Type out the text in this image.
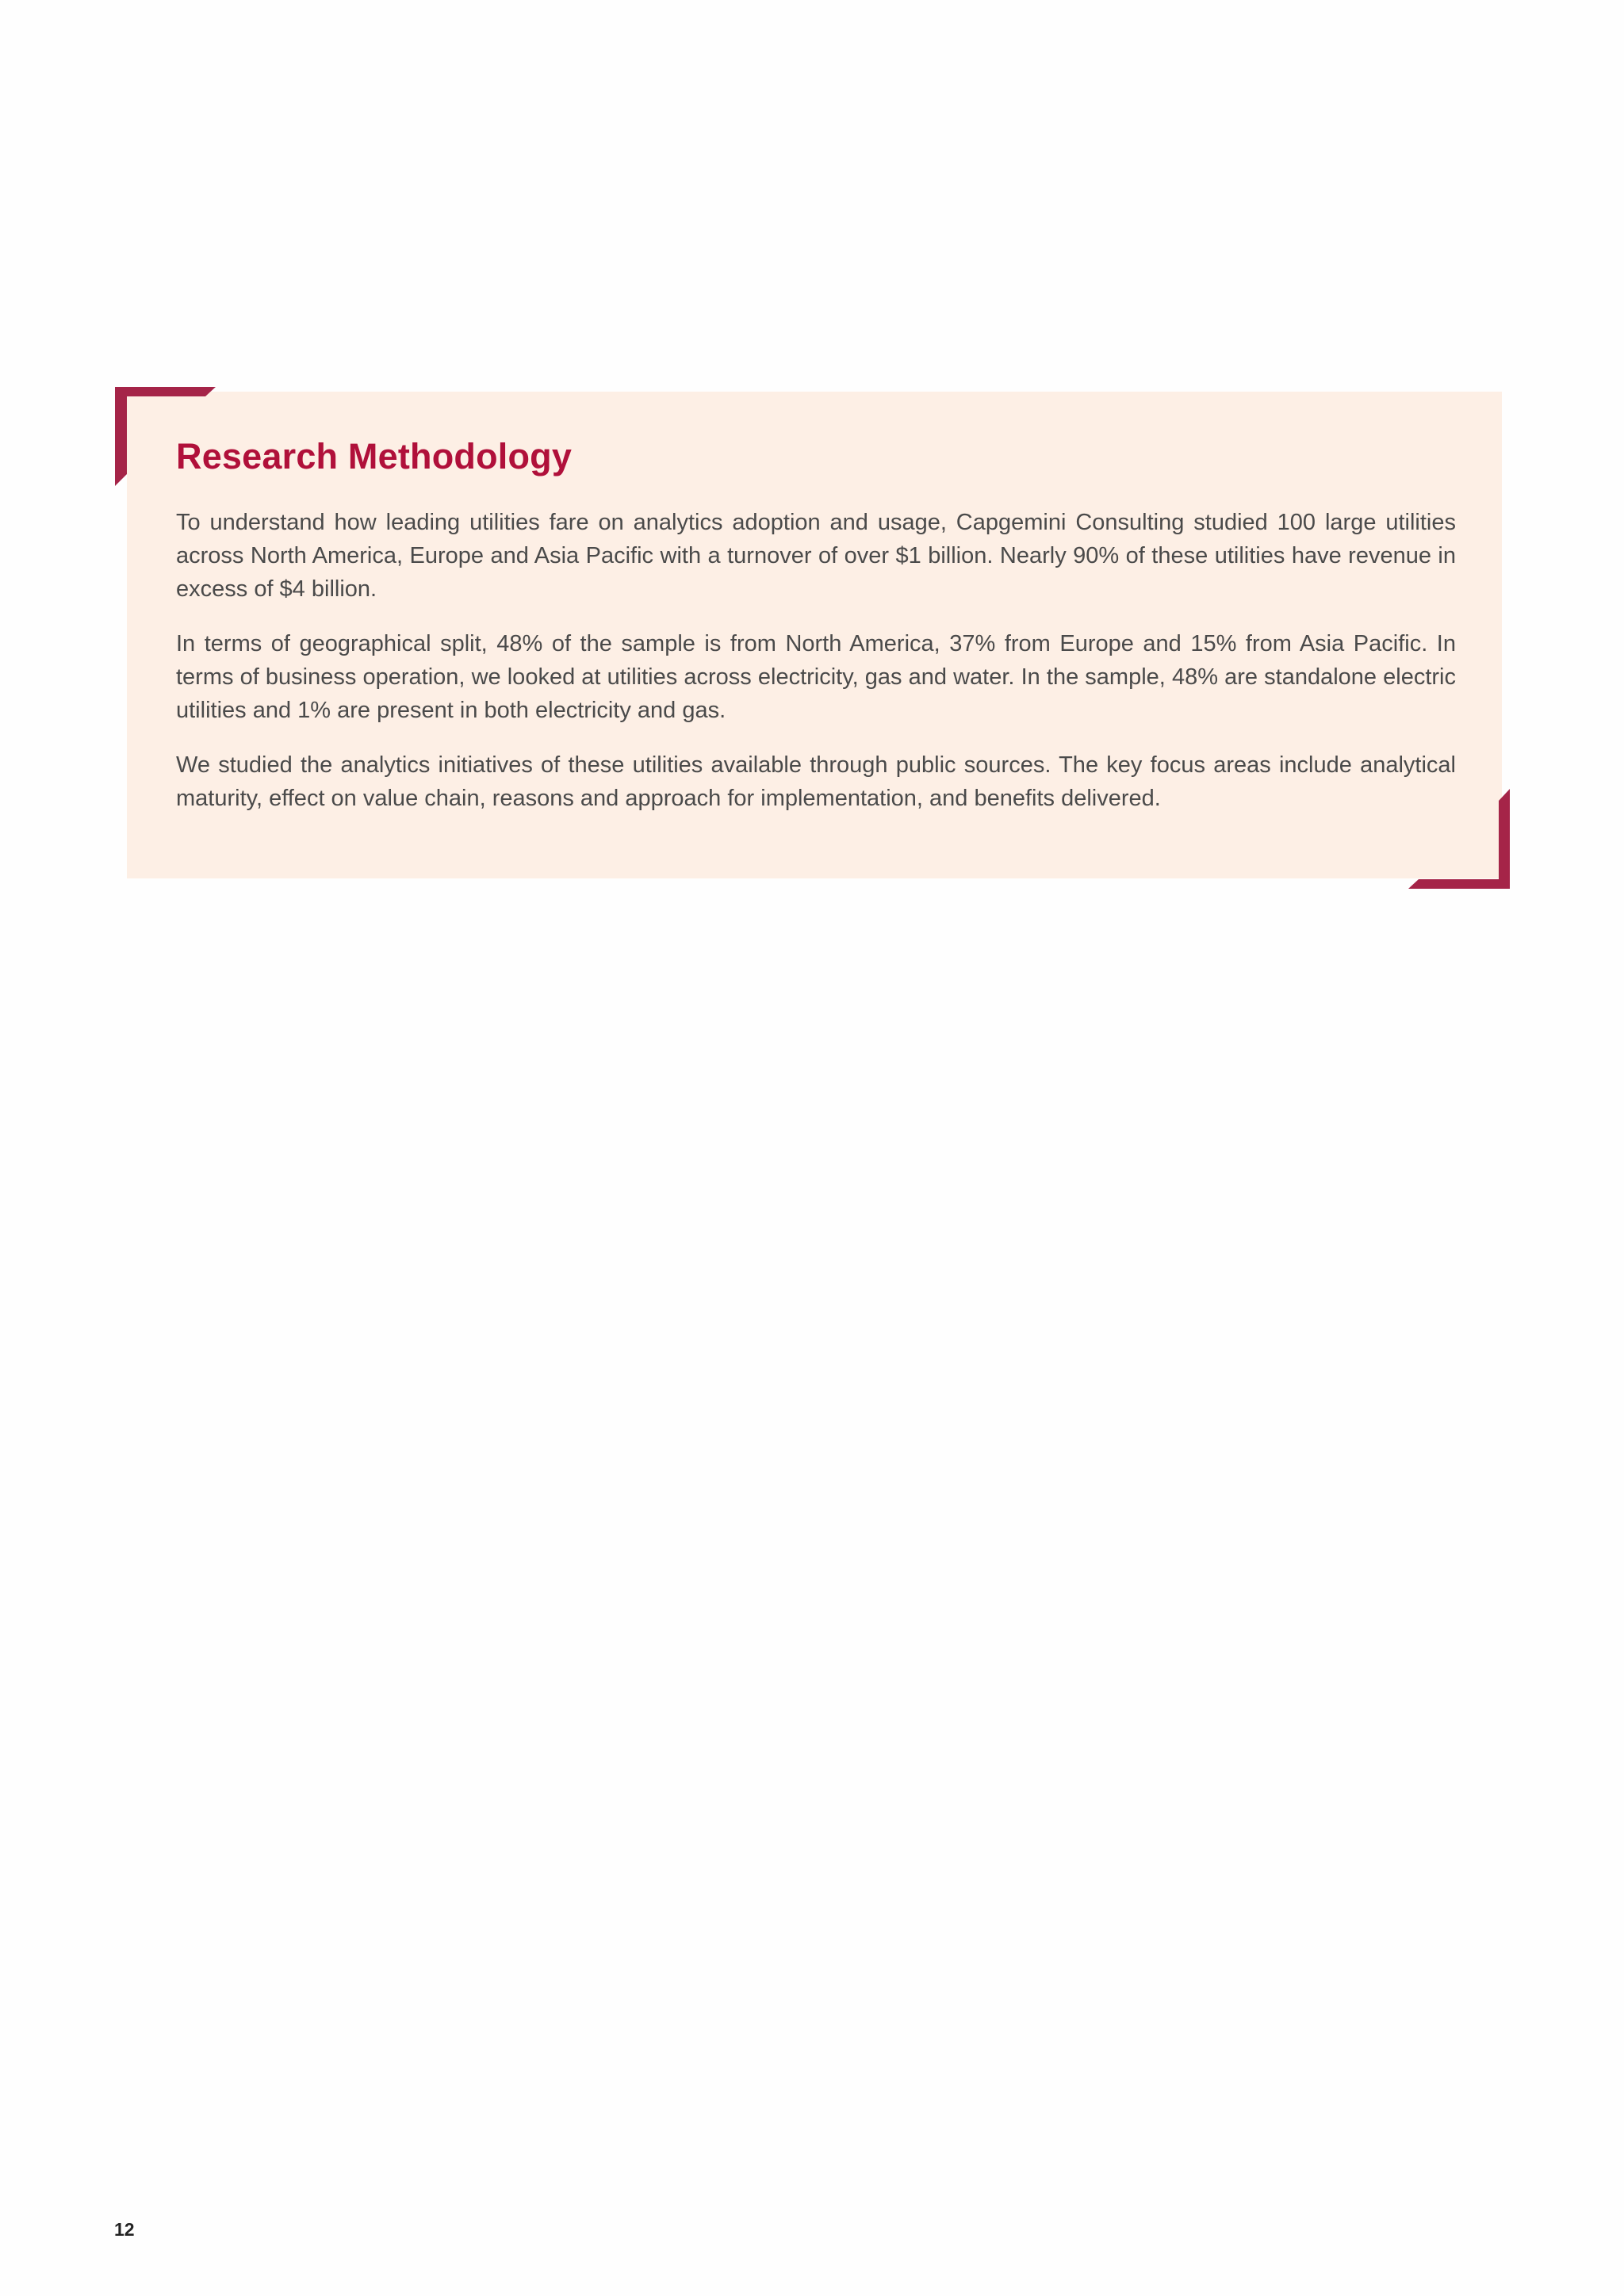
Research Methodology

To understand how leading utilities fare on analytics adoption and usage, Capgemini Consulting studied 100 large utilities across North America, Europe and Asia Pacific with a turnover of over $1 billion. Nearly 90% of these utilities have revenue in excess of $4 billion.

In terms of geographical split, 48% of the sample is from North America, 37% from Europe and 15% from Asia Pacific. In terms of business operation, we looked at utilities across electricity, gas and water. In the sample, 48% are standalone electric utilities and 1% are present in both electricity and gas.

We studied the analytics initiatives of these utilities available through public sources. The key focus areas include analytical maturity, effect on value chain, reasons and approach for implementation, and benefits delivered.

12
